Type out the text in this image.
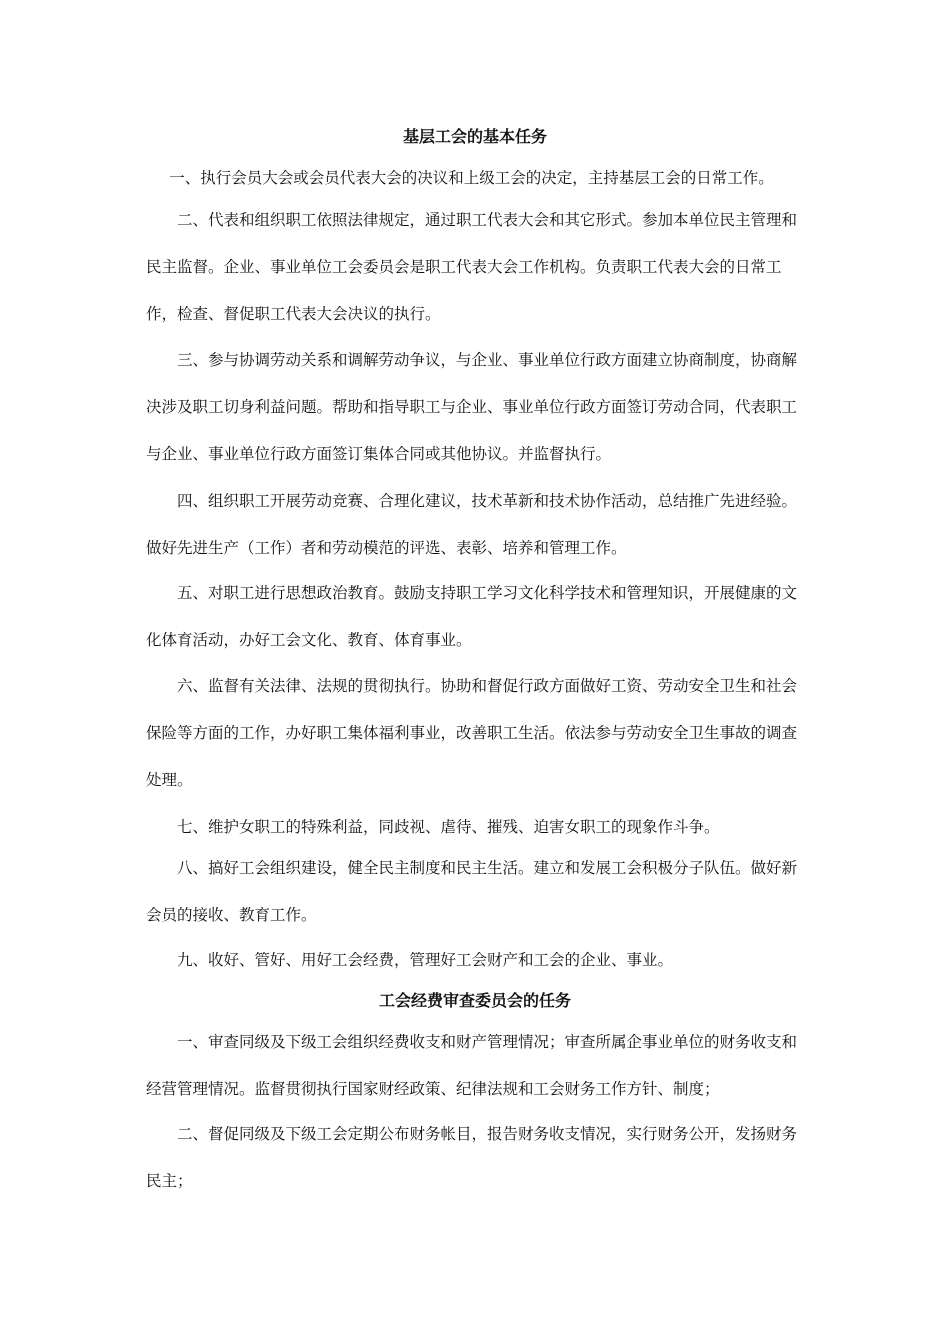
基层工会的基本任务

一、执行会员大会或会员代表大会的决议和上级工会的决定，主持基层工会的日常工作。

二、代表和组织职工依照法律规定，通过职工代表大会和其它形式。参加本单位民主管理和民主监督。企业、事业单位工会委员会是职工代表大会工作机构。负责职工代表大会的日常工作，检查、督促职工代表大会决议的执行。

三、参与协调劳动关系和调解劳动争议，与企业、事业单位行政方面建立协商制度，协商解决涉及职工切身利益问题。帮助和指导职工与企业、事业单位行政方面签订劳动合同，代表职工与企业、事业单位行政方面签订集体合同或其他协议。并监督执行。

四、组织职工开展劳动竞赛、合理化建议，技术革新和技术协作活动，总结推广先进经验。做好先进生产（工作）者和劳动模范的评选、表彰、培养和管理工作。

五、对职工进行思想政治教育。鼓励支持职工学习文化科学技术和管理知识，开展健康的文化体育活动，办好工会文化、教育、体育事业。

六、监督有关法律、法规的贯彻执行。协助和督促行政方面做好工资、劳动安全卫生和社会保险等方面的工作，办好职工集体福利事业，改善职工生活。依法参与劳动安全卫生事故的调查处理。

七、维护女职工的特殊利益，同歧视、虐待、摧残、迫害女职工的现象作斗争。

八、搞好工会组织建设，健全民主制度和民主生活。建立和发展工会积极分子队伍。做好新会员的接收、教育工作。

九、收好、管好、用好工会经费，管理好工会财产和工会的企业、事业。

工会经费审查委员会的任务

一、审查同级及下级工会组织经费收支和财产管理情况；审查所属企事业单位的财务收支和经营管理情况。监督贯彻执行国家财经政策、纪律法规和工会财务工作方针、制度；

二、督促同级及下级工会定期公布财务帐目，报告财务收支情况，实行财务公开，发扬财务民主；
